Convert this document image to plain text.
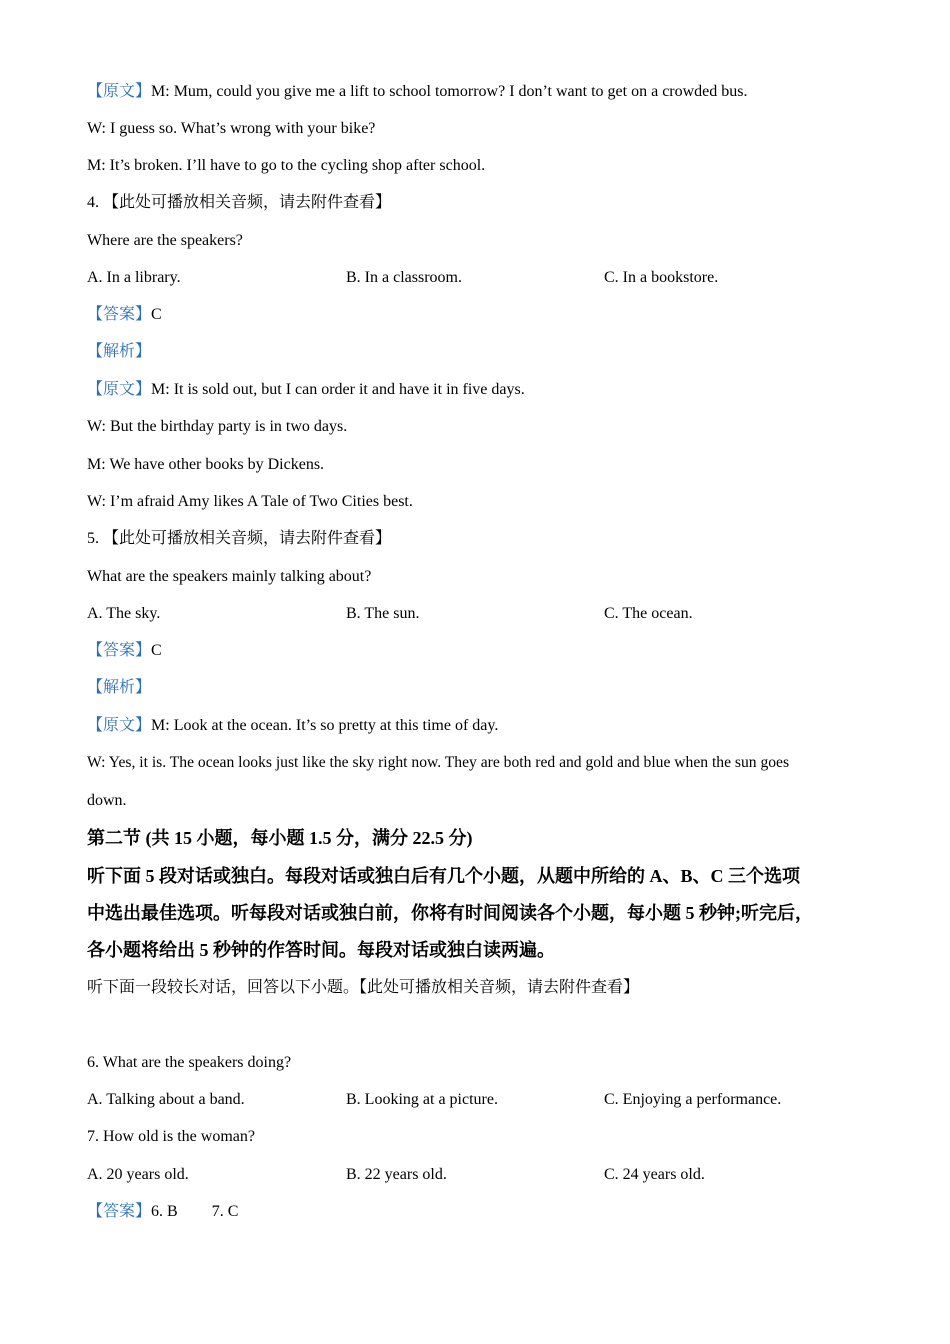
【原文】M: Mum, could you give me a lift to school tomorrow? I don’t want to get on a crowded bus.
W: I guess so. What’s wrong with your bike?
M: It’s broken. I’ll have to go to the cycling shop after school.
4. 【此处可播放相关音频，请去附件查看】
Where are the speakers?
A. In a library.	B. In a classroom.	C. In a bookstore.
【答案】C
【解析】
【原文】M: It is sold out, but I can order it and have it in five days.
W: But the birthday party is in two days.
M: We have other books by Dickens.
W: I’m afraid Amy likes A Tale of Two Cities best.
5. 【此处可播放相关音频，请去附件查看】
What are the speakers mainly talking about?
A. The sky.	B. The sun.	C. The ocean.
【答案】C
【解析】
【原文】M: Look at the ocean. It’s so pretty at this time of day.
W: Yes, it is. The ocean looks just like the sky right now. They are both red and gold and blue when the sun goes
down.
第二节 (共 15 小题，每小题 1.5 分，满分 22.5 分)
听下面 5 段对话或独白。每段对话或独白后有几个小题，从题中所给的 A、B、C 三个选项
中选出最佳选项。听每段对话或独白前，你将有时间阅读各个小题，每小题 5 秒钟;听完后，
各小题将给出 5 秒钟的作答时间。每段对话或独白读两遍。
听下面一段较长对话，回答以下小题。【此处可播放相关音频，请去附件查看】
6. What are the speakers doing?
A. Talking about a band.	B. Looking at a picture.	C. Enjoying a performance.
7. How old is the woman?
A. 20 years old.	B. 22 years old.	C. 24 years old.
【答案】6. B 7. C
